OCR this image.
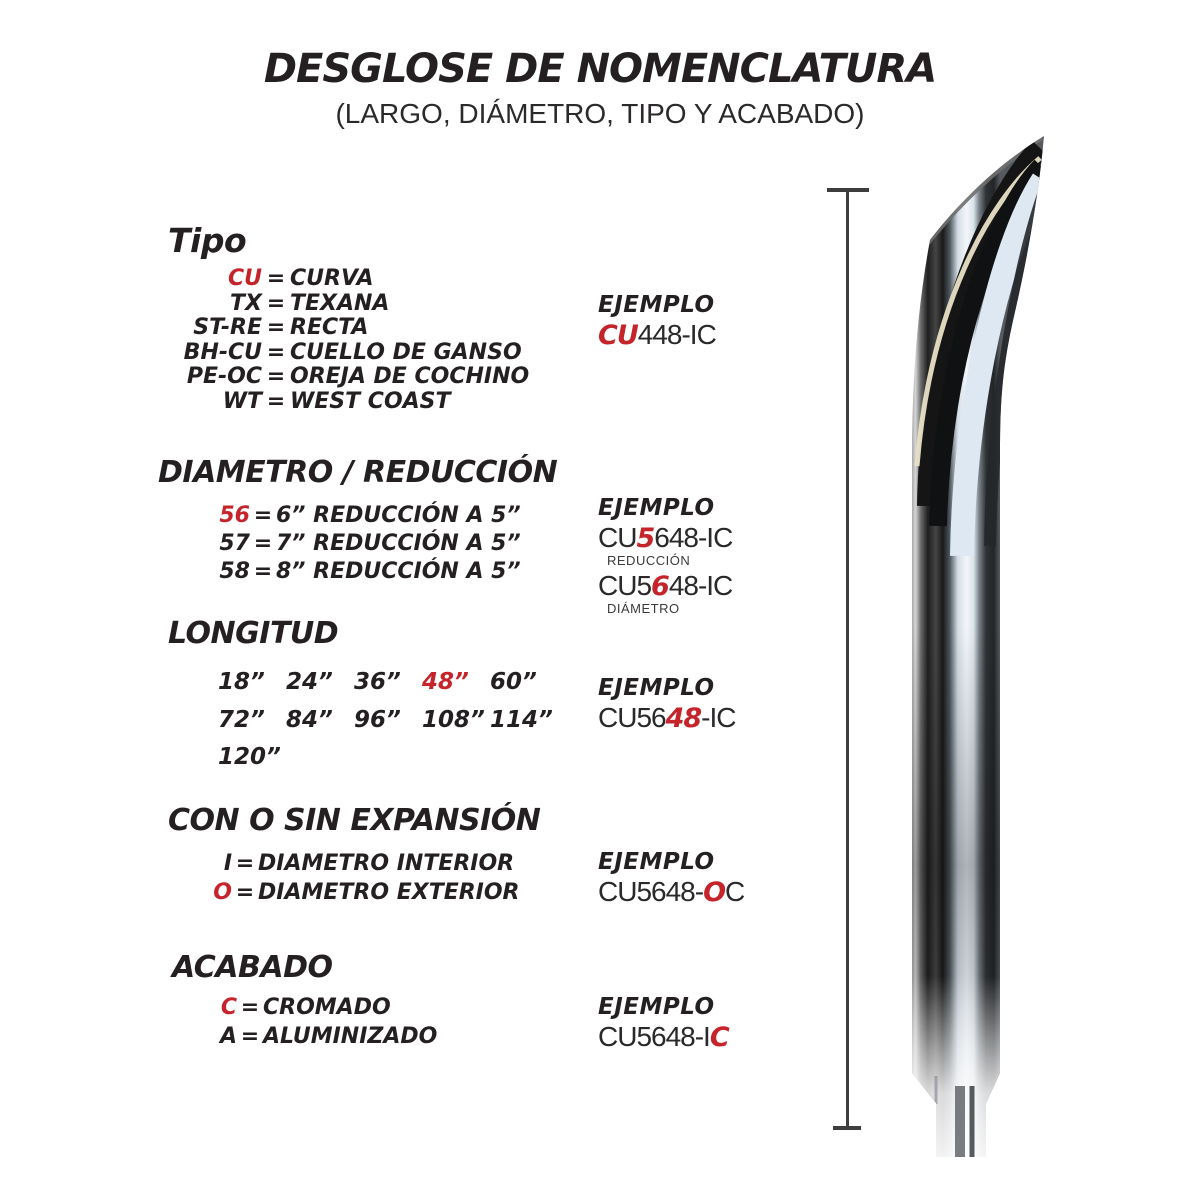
DESGLOSE DE NOMENCLATURA
(LARGO, DIÁMETRO, TIPO Y ACABADO)
Tipo
CU = CURVA
TX = TEXANA
ST-RE = RECTA
BH-CU = CUELLO DE GANSO
PE-OC = OREJA DE COCHINO
WT = WEST COAST
EJEMPLO
CU448-IC
DIAMETRO / REDUCCIÓN
56 = 6” REDUCCIÓN A 5”
57 = 7” REDUCCIÓN A 5”
58 = 8” REDUCCIÓN A 5”
EJEMPLO
CU5648-IC
REDUCCIÓN
CU5648-IC
DIÁMETRO
LONGITUD
18” 24” 36” 48” 60”
72” 84” 96” 108” 114”
120”
EJEMPLO
CU5648-IC
CON O SIN EXPANSIÓN
I = DIAMETRO INTERIOR
O = DIAMETRO EXTERIOR
EJEMPLO
CU5648-OC
ACABADO
C = CROMADO
A = ALUMINIZADO
EJEMPLO
CU5648-IC
